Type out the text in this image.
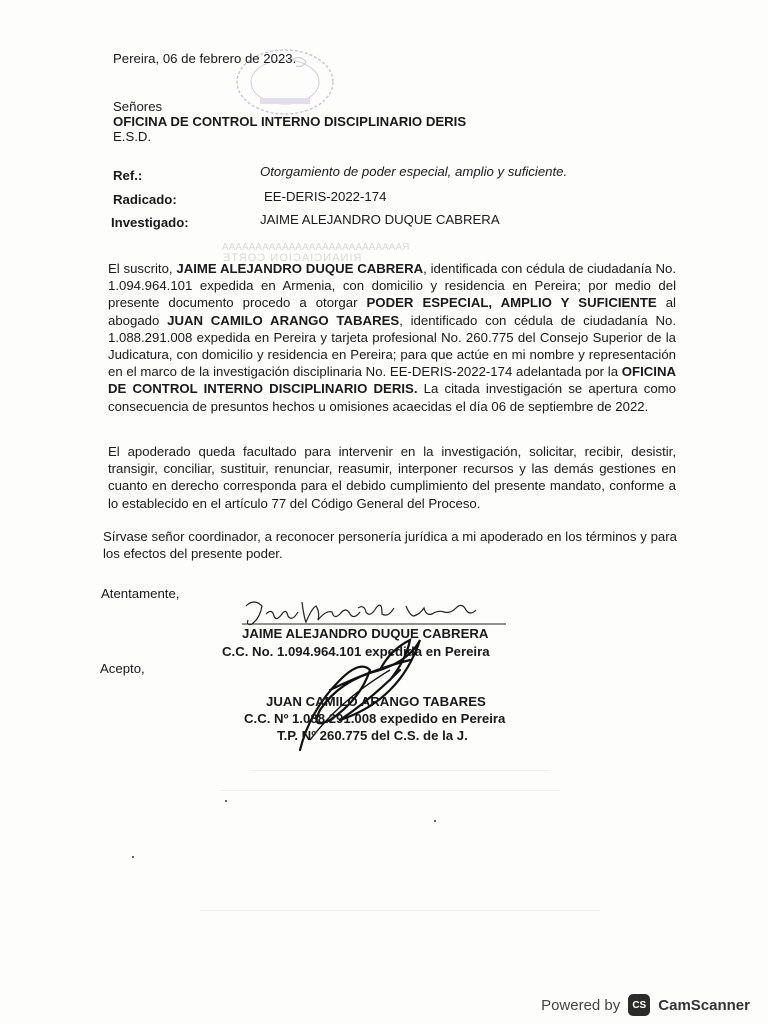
RAAAAAAAAAAAAAAAAAAAAAAAAAAA
RINANCIACION CORTE
Pereira, 06 de febrero de 2023.
Señores
OFICINA DE CONTROL INTERNO DISCIPLINARIO DERIS
E.S.D.
Ref.:	Otorgamiento de poder especial, amplio y suficiente.
Radicado:	EE-DERIS-2022-174
Investigado:	JAIME ALEJANDRO DUQUE CABRERA
El suscrito, JAIME ALEJANDRO DUQUE CABRERA, identificada con cédula de ciudadanía No. 1.094.964.101 expedida en Armenia, con domicilio y residencia en Pereira; por medio del presente documento procedo a otorgar PODER ESPECIAL, AMPLIO Y SUFICIENTE al abogado JUAN CAMILO ARANGO TABARES, identificado con cédula de ciudadanía No. 1.088.291.008 expedida en Pereira y tarjeta profesional No. 260.775 del Consejo Superior de la Judicatura, con domicilio y residencia en Pereira; para que actúe en mi nombre y representación en el marco de la investigación disciplinaria No. EE-DERIS-2022-174 adelantada por la OFICINA DE CONTROL INTERNO DISCIPLINARIO DERIS. La citada investigación se apertura como consecuencia de presuntos hechos u omisiones acaecidas el día 06 de septiembre de 2022.
El apoderado queda facultado para intervenir en la investigación, solicitar, recibir, desistir, transigir, conciliar, sustituir, renunciar, reasumir, interponer recursos y las demás gestiones en cuanto en derecho corresponda para el debido cumplimiento del presente mandato, conforme a lo establecido en el artículo 77 del Código General del Proceso.
Sírvase señor coordinador, a reconocer personería jurídica a mi apoderado en los términos y para los efectos del presente poder.
Atentamente,
JAIME ALEJANDRO DUQUE CABRERA
C.C. No. 1.094.964.101 expedida en Pereira
Acepto,
JUAN CAMILO ARANGO TABARES
C.C. Nº 1.088.291.008 expedido en Pereira
T.P. Nº 260.775 del C.S. de la J.
Powered by	CS CamScanner
